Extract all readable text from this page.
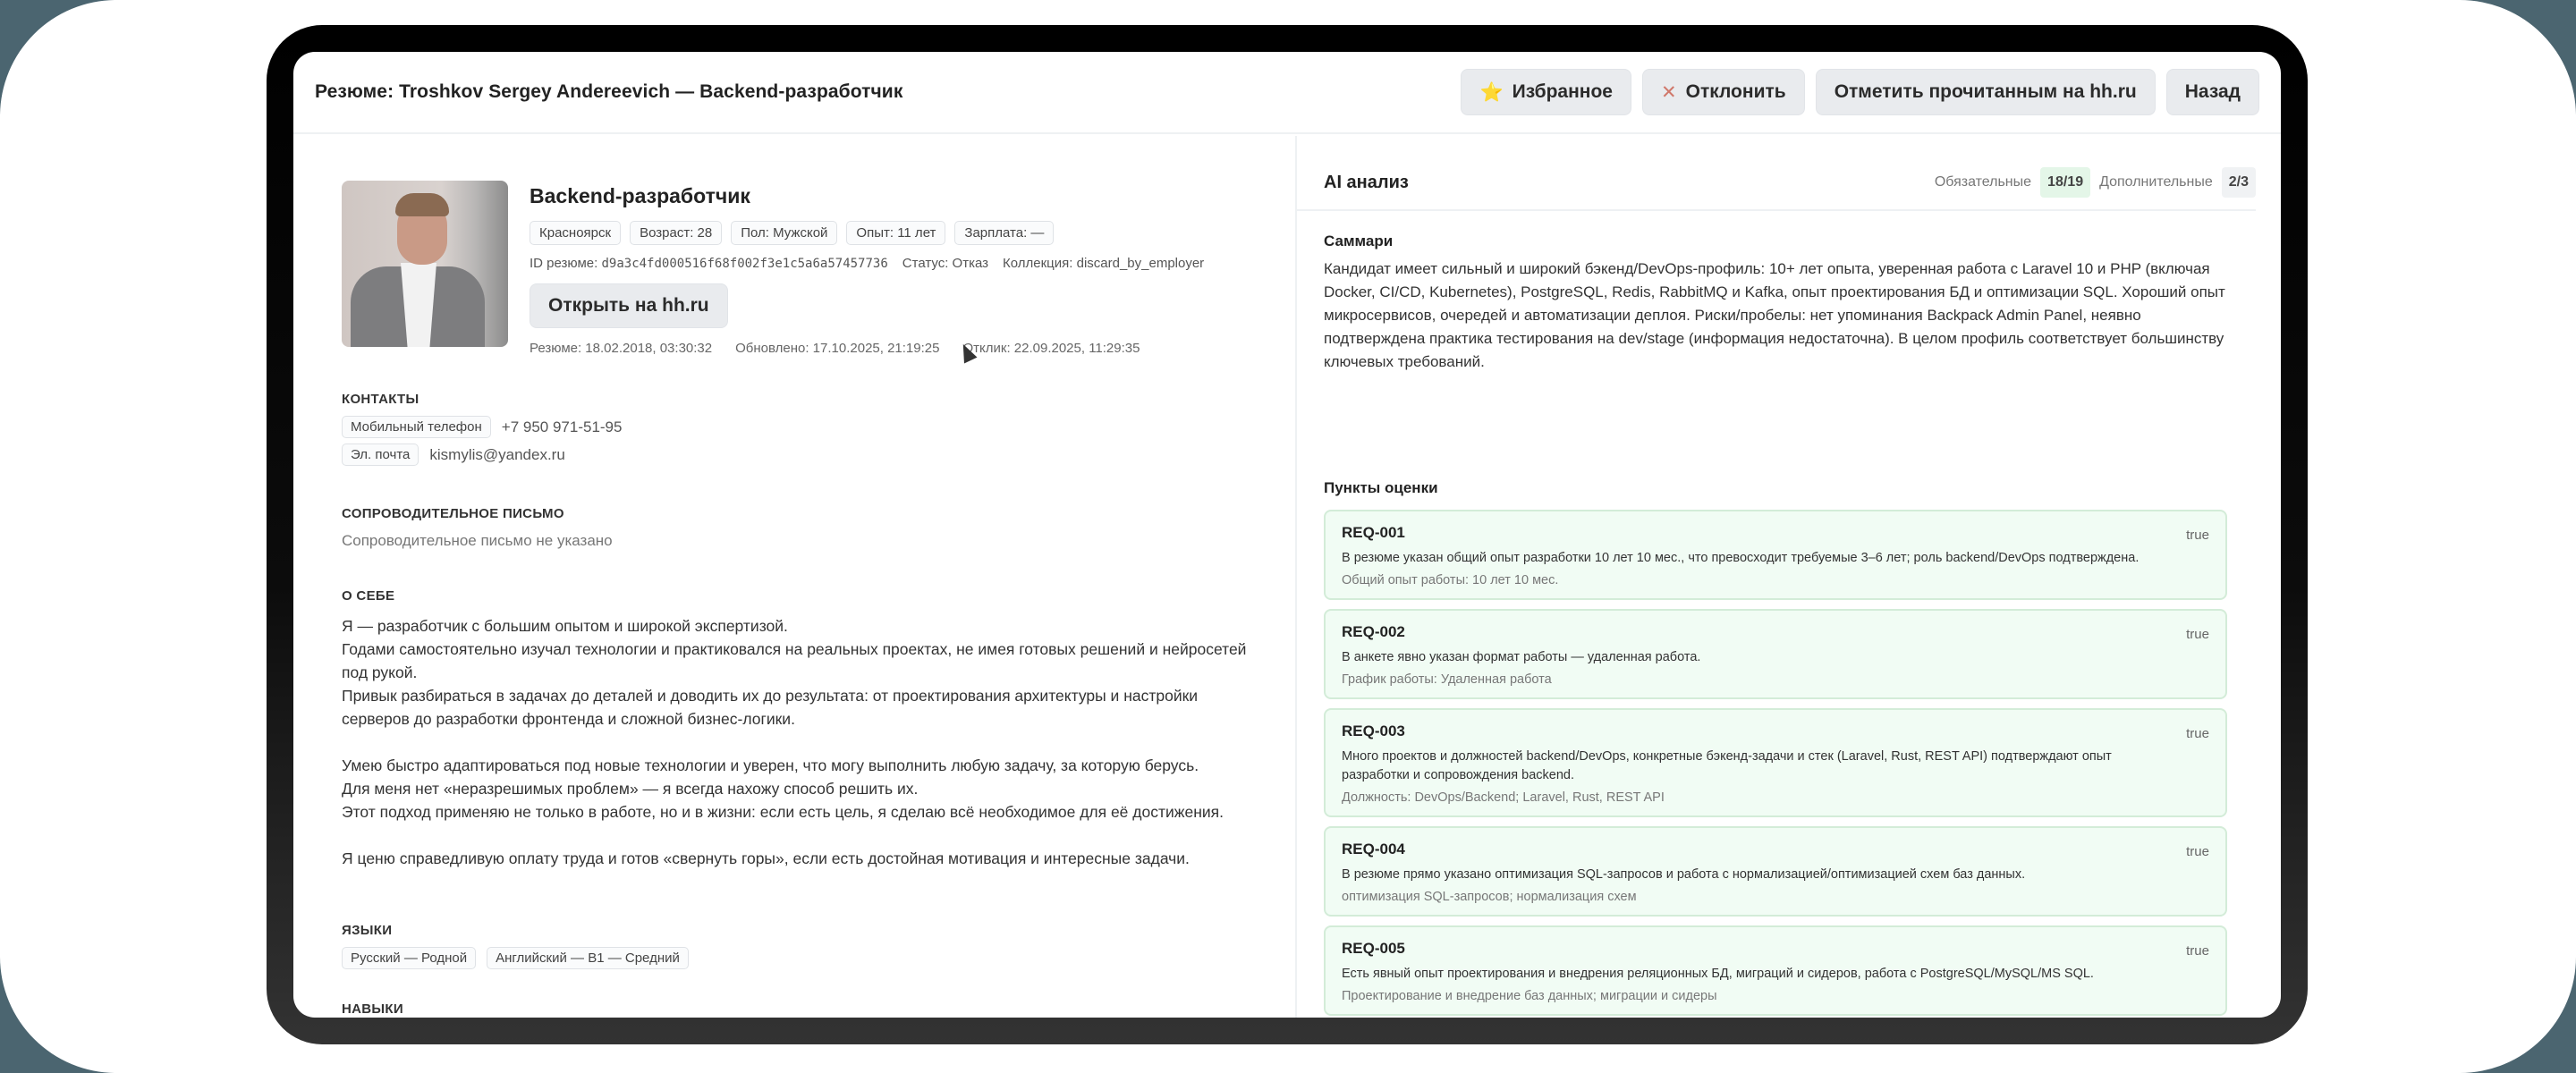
Резюме: Troshkov Sergey Andereevich — Backend-разработчик	⭐ Избранное	✕ Отклонить	Отметить прочитанным на hh.ru	Назад
Backend-разработчик
Красноярск	Возраст: 28	Пол: Мужской	Опыт: 11 лет	Зарплата: —
ID резюме: d9a3c4fd000516f68f002f3e1c5a6a57457736 Статус: Отказ Коллекция: discard_by_employer
Открыть на hh.ru
Резюме: 18.02.2018, 03:30:32 Обновлено: 17.10.2025, 21:19:25 Отклик: 22.09.2025, 11:29:35
КОНТАКТЫ
Мобильный телефон	+7 950 971-51-95
Эл. почта	kismylis@yandex.ru
СОПРОВОДИТЕЛЬНОЕ ПИСЬМО
Сопроводительное письмо не указано
О СЕБЕ

Я — разработчик с большим опытом и широкой экспертизой.

Годами самостоятельно изучал технологии и практиковался на реальных проектах, не имея готовых решений и нейросетей под рукой.

Привык разбираться в задачах до деталей и доводить их до результата: от проектирования архитектуры и настройки серверов до разработки фронтенда и сложной бизнес-логики.

Умею быстро адаптироваться под новые технологии и уверен, что могу выполнить любую задачу, за которую берусь.

Для меня нет «неразрешимых проблем» — я всегда нахожу способ решить их.

Этот подход применяю не только в работе, но и в жизни: если есть цель, я сделаю всё необходимое для её достижения.

Я ценю справедливую оплату труда и готов «свернуть горы», если есть достойная мотивация и интересные задачи.

ЯЗЫКИ
Русский — Родной	Английский — B1 — Средний
НАВЫКИ
AI анализ	Обязательные	18/19	Дополнительные	2/3
Саммари
Кандидат имеет сильный и широкий бэкенд/DevOps-профиль: 10+ лет опыта, уверенная работа с Laravel 10 и PHP (включая Docker, CI/CD, Kubernetes), PostgreSQL, Redis, RabbitMQ и Kafka, опыт проектирования БД и оптимизации SQL. Хороший опыт микросервисов, очередей и автоматизации деплоя. Риски/пробелы: нет упоминания Backpack Admin Panel, неявно подтверждена практика тестирования на dev/stage (информация недостаточна). В целом профиль соответствует большинству ключевых требований.
Пункты оценки
REQ-001	true
В резюме указан общий опыт разработки 10 лет 10 мес., что превосходит требуемые 3–6 лет; роль backend/DevOps подтверждена.
Общий опыт работы: 10 лет 10 мес.
REQ-002	true
В анкете явно указан формат работы — удаленная работа.
График работы: Удаленная работа
REQ-003	true
Много проектов и должностей backend/DevOps, конкретные бэкенд-задачи и стек (Laravel, Rust, REST API) подтверждают опыт разработки и сопровождения backend.
Должность: DevOps/Backend; Laravel, Rust, REST API
REQ-004	true
В резюме прямо указано оптимизация SQL-запросов и работа с нормализацией/оптимизацией схем баз данных.
оптимизация SQL-запросов; нормализация схем
REQ-005	true
Есть явный опыт проектирования и внедрения реляционных БД, миграций и сидеров, работа с PostgreSQL/MySQL/MS SQL.
Проектирование и внедрение баз данных; миграции и сидеры
